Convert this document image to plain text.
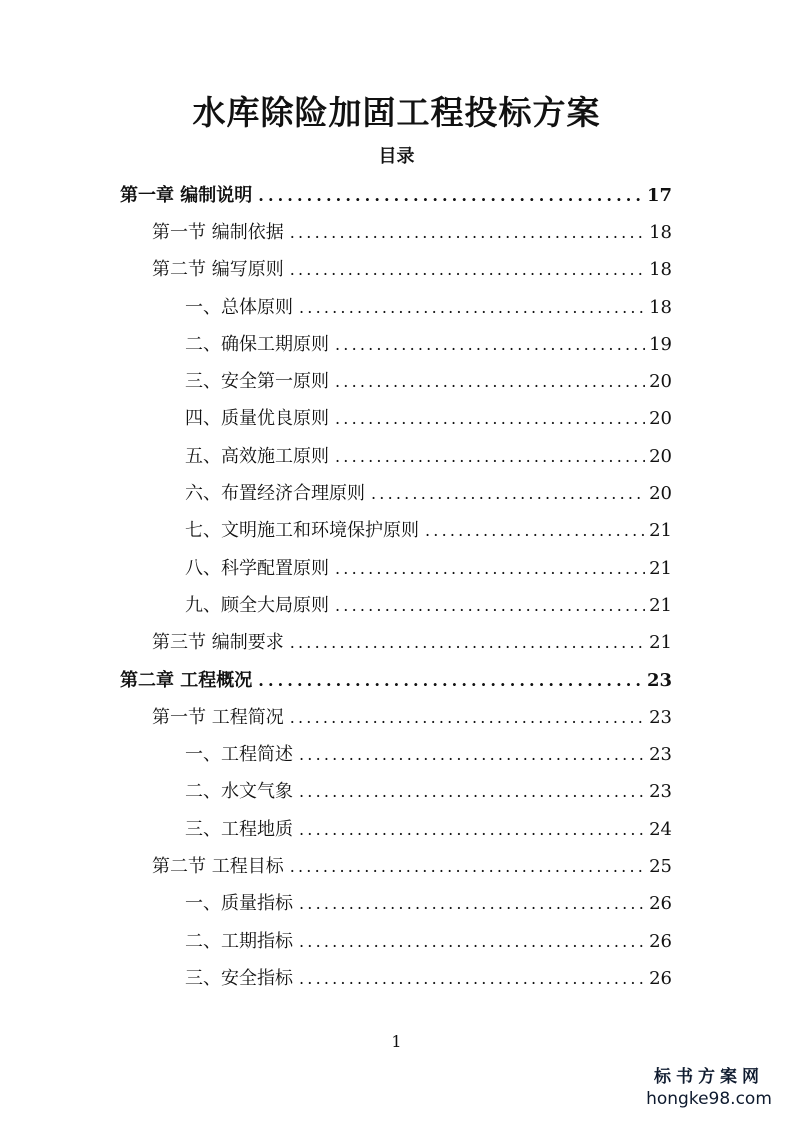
水库除险加固工程投标方案
目录
第一章 编制说明 .....	17
第一节 编制依据 .....	18
第二节 编写原则 .....	18
一、总体原则 .....	18
二、确保工期原则 .....	19
三、安全第一原则 .....	20
四、质量优良原则 .....	20
五、高效施工原则 .....	20
六、布置经济合理原则 .....	20
七、文明施工和环境保护原则 .....	21
八、科学配置原则 .....	21
九、顾全大局原则 .....	21
第三节 编制要求 .....	21
第二章 工程概况 .....	23
第一节 工程简况 .....	23
一、工程简述 .....	23
二、水文气象 .....	23
三、工程地质 .....	24
第二节 工程目标 .....	25
一、质量指标 .....	26
二、工期指标 .....	26
三、安全指标 .....	26
1
标书方案网
hongke98.com
